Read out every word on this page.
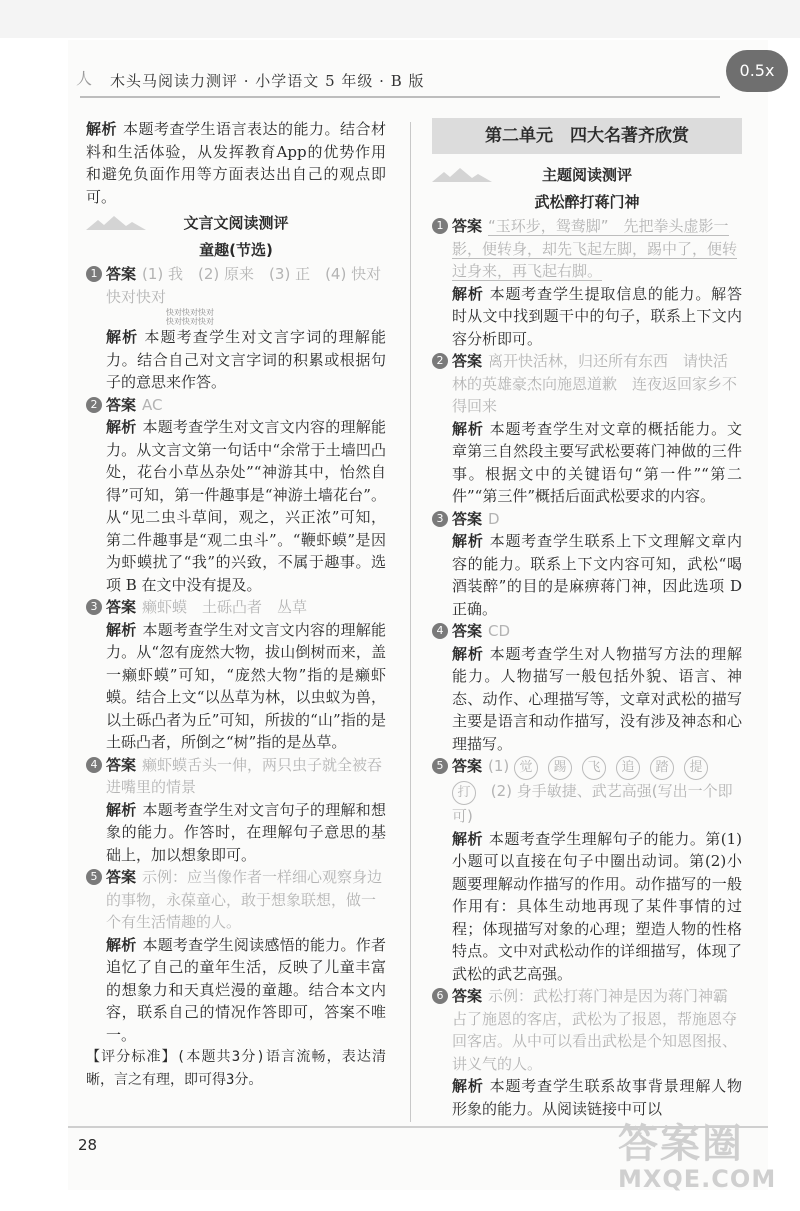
人	木头马阅读力测评 · 小学语文 5 年级 · B 版
0.5x

解析 本题考查学生语言表达的能力。结合材料和生活体验，从发挥教育App的优势作用和避免负面作用等方面表达出自己的观点即可。

文言文阅读测评
童趣(节选)
1 答案 (1) 我　(2) 原来　(3) 正　(4) 快对快对快对
快对快对快对
快对快对快对

解析 本题考查学生对文言字词的理解能力。结合自己对文言字词的积累或根据句子的意思来作答。

2 答案 AC

解析 本题考查学生对文言文内容的理解能力。从文言文第一句话中“余常于土墙凹凸处，花台小草丛杂处”“神游其中，怡然自得”可知，第一件趣事是“神游土墙花台”。从“见二虫斗草间，观之，兴正浓”可知，第二件趣事是“观二虫斗”。“鞭虾蟆”是因为虾蟆扰了“我”的兴致，不属于趣事。选项 B 在文中没有提及。

3 答案 癞虾蟆　土砾凸者　丛草

解析 本题考查学生对文言文内容的理解能力。从“忽有庞然大物，拔山倒树而来，盖一癞虾蟆”可知，“庞然大物”指的是癞虾蟆。结合上文“以丛草为林，以虫蚁为兽，以土砾凸者为丘”可知，所拔的“山”指的是土砾凸者，所倒之“树”指的是丛草。

4 答案 癞虾蟆舌头一伸，两只虫子就全被吞进嘴里的情景

解析 本题考查学生对文言句子的理解和想象的能力。作答时，在理解句子意思的基础上，加以想象即可。

5 答案 示例：应当像作者一样细心观察身边的事物，永葆童心，敢于想象联想，做一个有生活情趣的人。

解析 本题考查学生阅读感悟的能力。作者追忆了自己的童年生活，反映了儿童丰富的想象力和天真烂漫的童趣。结合本文内容，联系自己的情况作答即可，答案不唯一。

【评分标准】(本题共3分)语言流畅，表达清晰，言之有理，即可得3分。

第二单元　四大名著齐欣赏
主题阅读测评
武松醉打蒋门神
1 答案 “玉环步，鸳鸯脚”　先把拳头虚影一影，便转身，却先飞起左脚，踢中了，便转过身来，再飞起右脚。

解析 本题考查学生提取信息的能力。解答时从文中找到题干中的句子，联系上下文内容分析即可。

2 答案 离开快活林，归还所有东西　请快活林的英雄豪杰向施恩道歉　连夜返回家乡不得回来

解析 本题考查学生对文章的概括能力。文章第三自然段主要写武松要蒋门神做的三件事。根据文中的关键语句“第一件”“第二件”“第三件”概括后面武松要求的内容。

3 答案 D

解析 本题考查学生联系上下文理解文章内容的能力。联系上下文内容可知，武松“喝酒装醉”的目的是麻痹蒋门神，因此选项 D 正确。

4 答案 CD

解析 本题考查学生对人物描写方法的理解能力。人物描写一般包括外貌、语言、神态、动作、心理描写等，文章对武松的描写主要是语言和动作描写，没有涉及神态和心理描写。

5 答案 (1) 觉 踢 飞 追 踏 提打 (2) 身手敏捷、武艺高强(写出一个即可)

解析 本题考查学生理解句子的能力。第(1)小题可以直接在句子中圈出动词。第(2)小题要理解动作描写的作用。动作描写的一般作用有：具体生动地再现了某件事情的过程；体现描写对象的心理；塑造人物的性格特点。文中对武松动作的详细描写，体现了武松的武艺高强。

6 答案 示例：武松打蒋门神是因为蒋门神霸占了施恩的客店，武松为了报恩，帮施恩夺回客店。从中可以看出武松是个知恩图报、讲义气的人。

解析 本题考查学生联系故事背景理解人物形象的能力。从阅读链接中可以

28	答案圈
MXQE.COM
